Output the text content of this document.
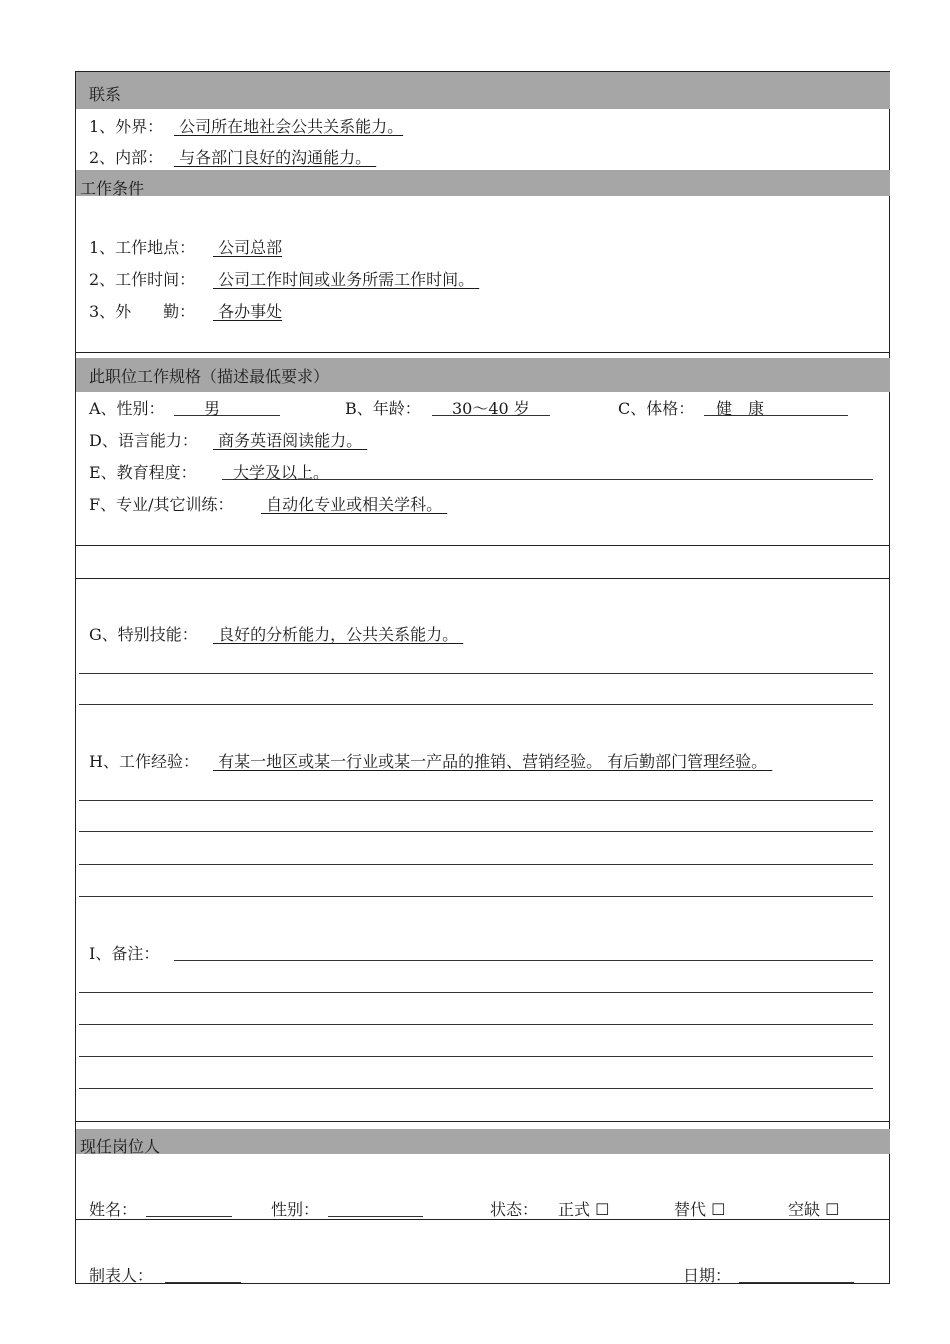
联系
1、外界： 公司所在地社会公共关系能力。
2、内部： 与各部门良好的沟通能力。
工作条件
1、工作地点：	公司总部
2、工作时间：	公司工作时间或业务所需工作时间。
3、外　　勤：	各办事处
此职位工作规格（描述最低要求）
A、性别： 男	B、年龄： 30～40 岁	C、体格： 健　康
D、语言能力：	商务英语阅读能力。
E、教育程度： 大学及以上。
F、专业/其它训练：	自动化专业或相关学科。
G、特别技能：	良好的分析能力，公共关系能力。
H、工作经验：	有某一地区或某一行业或某一产品的推销、营销经验。 有后勤部门管理经验。
I、备注：
现任岗位人
姓名：	性别：	状态： 正式 ☐	替代 ☐	空缺 ☐
制表人：	日期：
